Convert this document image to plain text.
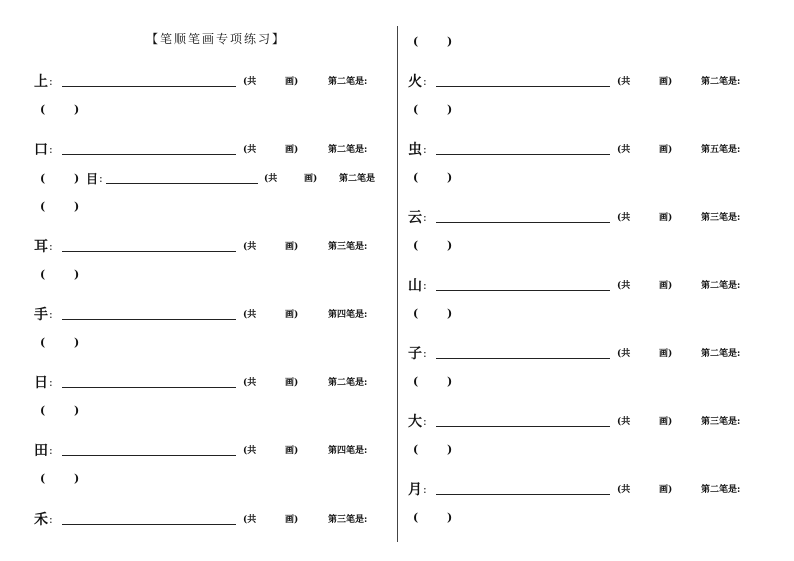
【笔顺笔画专项练习】
上 :	(共	画)	第二笔是:
(	)
口 :	(共	画)	第二笔是:
(	) 目 :	(共	画) 第二笔是
(	)
耳 :	(共	画)	第三笔是:
(	)
手 :	(共	画)	第四笔是:
(	)
日 :	(共	画)	第二笔是:
(	)
田 :	(共	画)	第四笔是:
(	)
禾 :	(共	画)	第三笔是:
(	)
火 :	(共	画)	第二笔是:
(	)
虫 :	(共	画)	第五笔是:
(	)
云 :	(共	画)	第三笔是:
(	)
山 :	(共	画)	第二笔是:
(	)
子 :	(共	画)	第二笔是:
(	)
大 :	(共	画)	第三笔是:
(	)
月 :	(共	画)	第二笔是:
(	)
